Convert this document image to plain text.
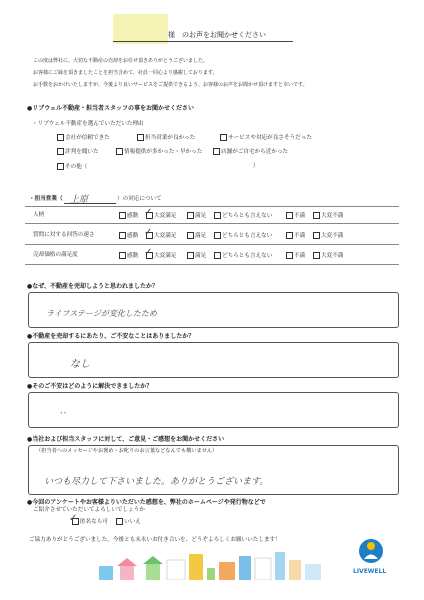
様　のお声をお聞かせください
この度は弊社に、大切な不動産の売却をお任せ頂きありがとうございました。
お客様にご縁を頂きましたことを担当含めて、社員一同心より感謝しております。
お手数をおかけいたしますが、今後より良いサービスをご提供できるよう、お客様のお声をお聞かせ頂けますと幸いです。
●リブウェル不動産・担当者スタッフの事をお聞かせください
・リブウェル不動産を選んでいただいた理由
会社が信頼できた	担当営業が良かった	サービスや対応が良さそうだった
評判を聞いた	情報提供が多かった・早かった	店舗がご自宅から近かった
その他（	）
・担当営業（ 上原	）の対応について
人柄	感動	大変満足	満足	どちらとも言えない	不満	大変不満
✓
質問に対する回答の速さ	感動	大変満足	満足	どちらとも言えない	不満	大変不満
✓
売却価格の満足度	感動	大変満足	満足	どちらとも言えない	不満	大変不満
✓
●なぜ、不動産を売却しようと思われましたか？
ライフステージが変化したため
●不動産を売却するにあたり、ご不安なことはありましたか？
なし
●そのご不安はどのように解決できましたか？
、、
●当社および担当スタッフに対して、ご意見・ご感想をお聞かせください
（担当者へのメッセージやお褒め・お叱りのお言葉などなんでも構いません）
いつも尽力して下さいました。ありがとうございます。
●今回のアンケートやお客様よりいただいた感想を、弊社のホームページや発行物などで
ご紹介させていただいてよろしいでしょうか
匿名なら可	いいえ
✓
ご協力ありがとうございました。今後とも末永いお付き合いを、どうぞよろしくお願いいたします！
LIVEWELL
